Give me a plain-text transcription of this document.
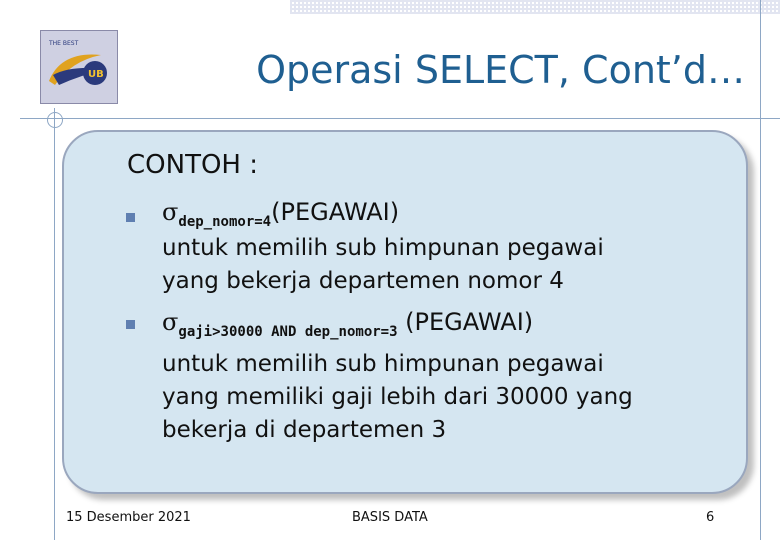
UB
THE BEST
Operasi SELECT, Cont’d…
CONTOH :
$\sigma_{dep\_nomor=4}(PEGAWAI)$
untuk memilih sub himpunan pegawai
yang bekerja departemen nomor 4
$\sigma_{gaji>30000 AND dep\_nomor=3}$ (PEGAWAI)
untuk memilih sub himpunan pegawai
yang memiliki gaji lebih dari 30000 yang
bekerja di departemen 3
15 Desember 2021	BASIS DATA	6
